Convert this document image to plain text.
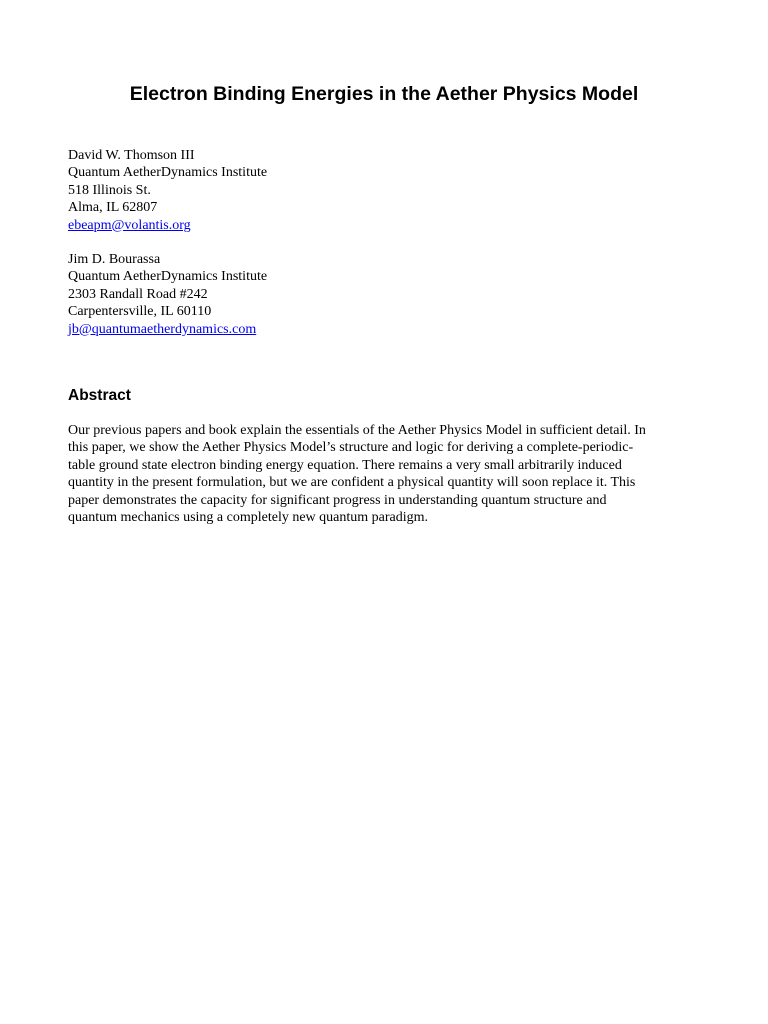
Electron Binding Energies in the Aether Physics Model
David W. Thomson III
Quantum AetherDynamics Institute
518 Illinois St.
Alma, IL 62807
ebeapm@volantis.org
Jim D. Bourassa
Quantum AetherDynamics Institute
2303 Randall Road #242
Carpentersville, IL 60110
jb@quantumaetherdynamics.com
Abstract
Our previous papers and book explain the essentials of the Aether Physics Model in sufficient detail. In
this paper, we show the Aether Physics Model’s structure and logic for deriving a complete-periodic-
table ground state electron binding energy equation. There remains a very small arbitrarily induced
quantity in the present formulation, but we are confident a physical quantity will soon replace it. This
paper demonstrates the capacity for significant progress in understanding quantum structure and
quantum mechanics using a completely new quantum paradigm.
